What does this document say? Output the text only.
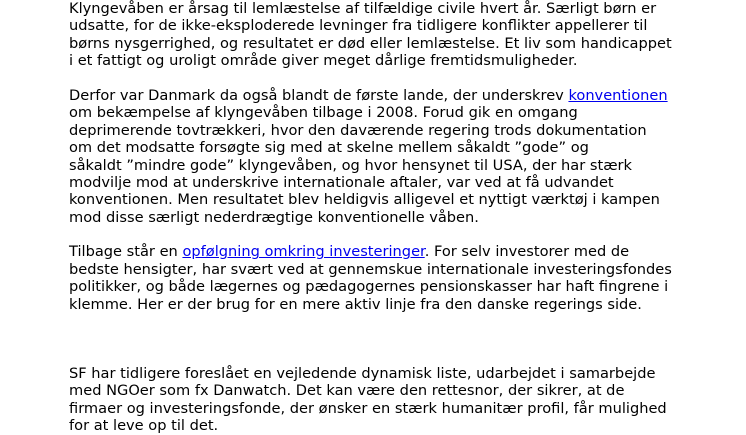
Klyngevåben er årsag til lemlæstelse af tilfældige civile hvert år. Særligt børn er
udsatte, for de ikke-eksploderede levninger fra tidligere konflikter appellerer til
børns nysgerrighed, og resultatet er død eller lemlæstelse. Et liv som handicappet
i et fattigt og uroligt område giver meget dårlige fremtidsmuligheder.
Derfor var Danmark da også blandt de første lande, der underskrev konventionen
om bekæmpelse af klyngevåben tilbage i 2008. Forud gik en omgang
deprimerende tovtrækkeri, hvor den daværende regering trods dokumentation
om det modsatte forsøgte sig med at skelne mellem såkaldt ”gode” og
såkaldt ”mindre gode” klyngevåben, og hvor hensynet til USA, der har stærk
modvilje mod at underskrive internationale aftaler, var ved at få udvandet
konventionen. Men resultatet blev heldigvis alligevel et nyttigt værktøj i kampen
mod disse særligt nederdrægtige konventionelle våben.
Tilbage står en opfølgning omkring investeringer. For selv investorer med de
bedste hensigter, har svært ved at gennemskue internationale investeringsfondes
politikker, og både lægernes og pædagogernes pensionskasser har haft fingrene i
klemme. Her er der brug for en mere aktiv linje fra den danske regerings side.
SF har tidligere foreslået en vejledende dynamisk liste, udarbejdet i samarbejde
med NGOer som fx Danwatch. Det kan være den rettesnor, der sikrer, at de
firmaer og investeringsfonde, der ønsker en stærk humanitær profil, får mulighed
for at leve op til det.
